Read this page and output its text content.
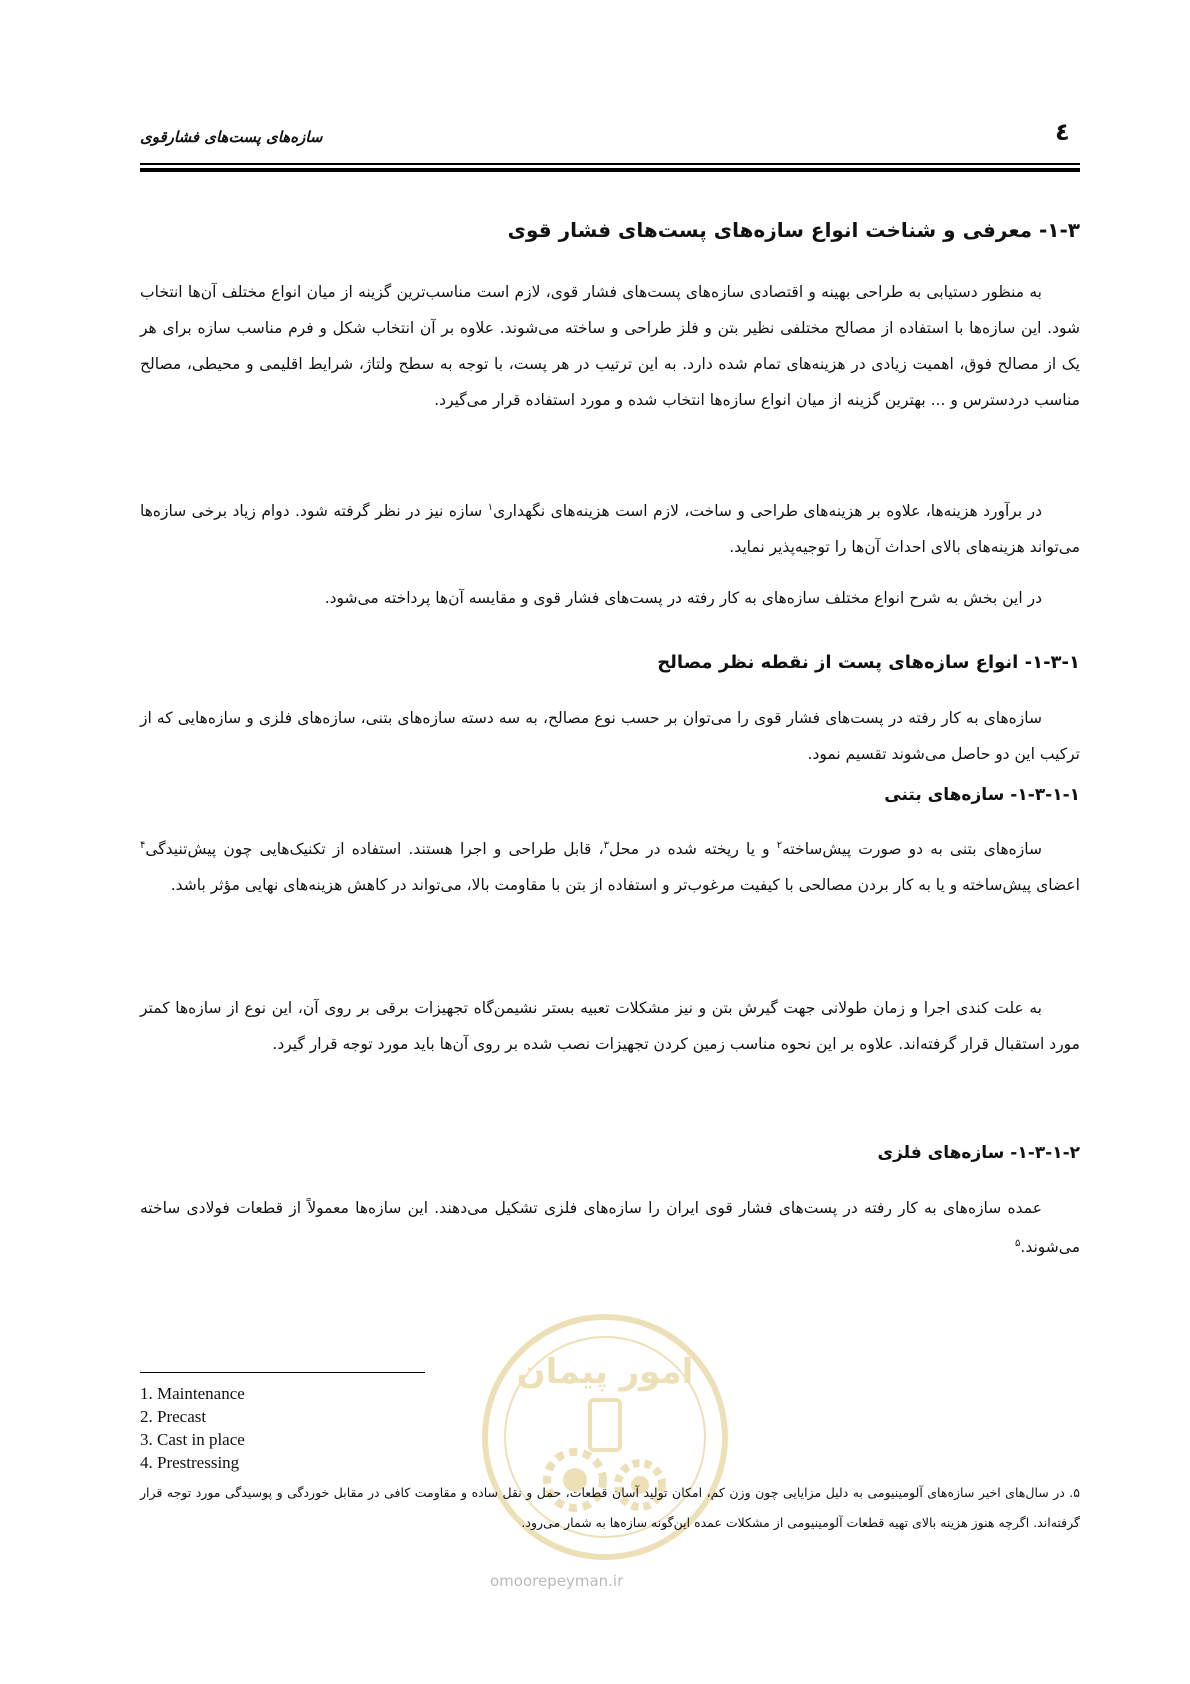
٤
سازه‌های پست‌های فشارقوی
۱-۳- معرفی و شناخت انواع سازه‌های پست‌های فشار قوی
به منظور دستیابی به طراحی بهینه و اقتصادی سازه‌های پست‌های فشار قوی، لازم است مناسب‌ترین گزینه از میان انواع مختلف آن‌ها انتخاب شود. این سازه‌ها با استفاده از مصالح مختلفی نظیر بتن و فلز طراحی و ساخته می‌شوند. علاوه بر آن انتخاب شکل و فرم مناسب سازه برای هر یک از مصالح فوق، اهمیت زیادی در هزینه‌های تمام شده دارد. به این ترتیب در هر پست، با توجه به سطح ولتاژ، شرایط اقلیمی و محیطی، مصالح مناسب دردسترس و ... بهترین گزینه از میان انواع سازه‌ها انتخاب شده و مورد استفاده قرار می‌گیرد.
در برآورد هزینه‌ها، علاوه بر هزینه‌های طراحی و ساخت، لازم است هزینه‌های نگهداری$^۱$ سازه نیز در نظر گرفته شود. دوام زیاد برخی سازه‌ها می‌تواند هزینه‌های بالای احداث آن‌ها را توجیه‌پذیر نماید.
در این بخش به شرح انواع مختلف سازه‌های به کار رفته در پست‌های فشار قوی و مقایسه آن‌ها پرداخته می‌شود.
۱-۳-۱- انواع سازه‌های پست از نقطه نظر مصالح
سازه‌های به کار رفته در پست‌های فشار قوی را می‌توان بر حسب نوع مصالح، به سه دسته سازه‌های بتنی، سازه‌های فلزی و سازه‌هایی که از ترکیب این دو حاصل می‌شوند تقسیم نمود.
۱-۳-۱-۱- سازه‌های بتنی
سازه‌های بتنی به دو صورت پیش‌ساخته$^۲$ و یا ریخته شده در محل$^۳$، قابل طراحی و اجرا هستند. استفاده از تکنیک‌هایی چون پیش‌تنیدگی$^۴$ اعضای پیش‌ساخته و یا به کار بردن مصالحی با کیفیت مرغوب‌تر و استفاده از بتن با مقاومت بالا، می‌تواند در کاهش هزینه‌های نهایی مؤثر باشد.
به علت کندی اجرا و زمان طولانی جهت گیرش بتن و نیز مشکلات تعبیه بستر نشیمن‌گاه تجهیزات برقی بر روی آن، این نوع از سازه‌ها کمتر مورد استقبال قرار گرفته‌اند. علاوه بر این نحوه مناسب زمین کردن تجهیزات نصب شده بر روی آن‌ها باید مورد توجه قرار گیرد.
۱-۳-۱-۲- سازه‌های فلزی
عمده سازه‌های به کار رفته در پست‌های فشار قوی ایران را سازه‌های فلزی تشکیل می‌دهند. این سازه‌ها معمولاً از قطعات فولادی ساخته می‌شوند.$^۵$
امور پیمان
omoorepeyman.ir
1. Maintenance
2. Precast
3. Cast in place
4. Prestressing
۵. در سال‌های اخیر سازه‌های آلومینیومی به دلیل مزایایی چون وزن کم، امکان تولید آسان قطعات، حمل و نقل ساده و مقاومت کافی در مقابل خوردگی و پوسیدگی مورد توجه قرار گرفته‌اند. اگرچه هنوز هزینه بالای تهیه قطعات آلومینیومی از مشکلات عمده این‌گونه سازه‌ها به شمار می‌رود.
